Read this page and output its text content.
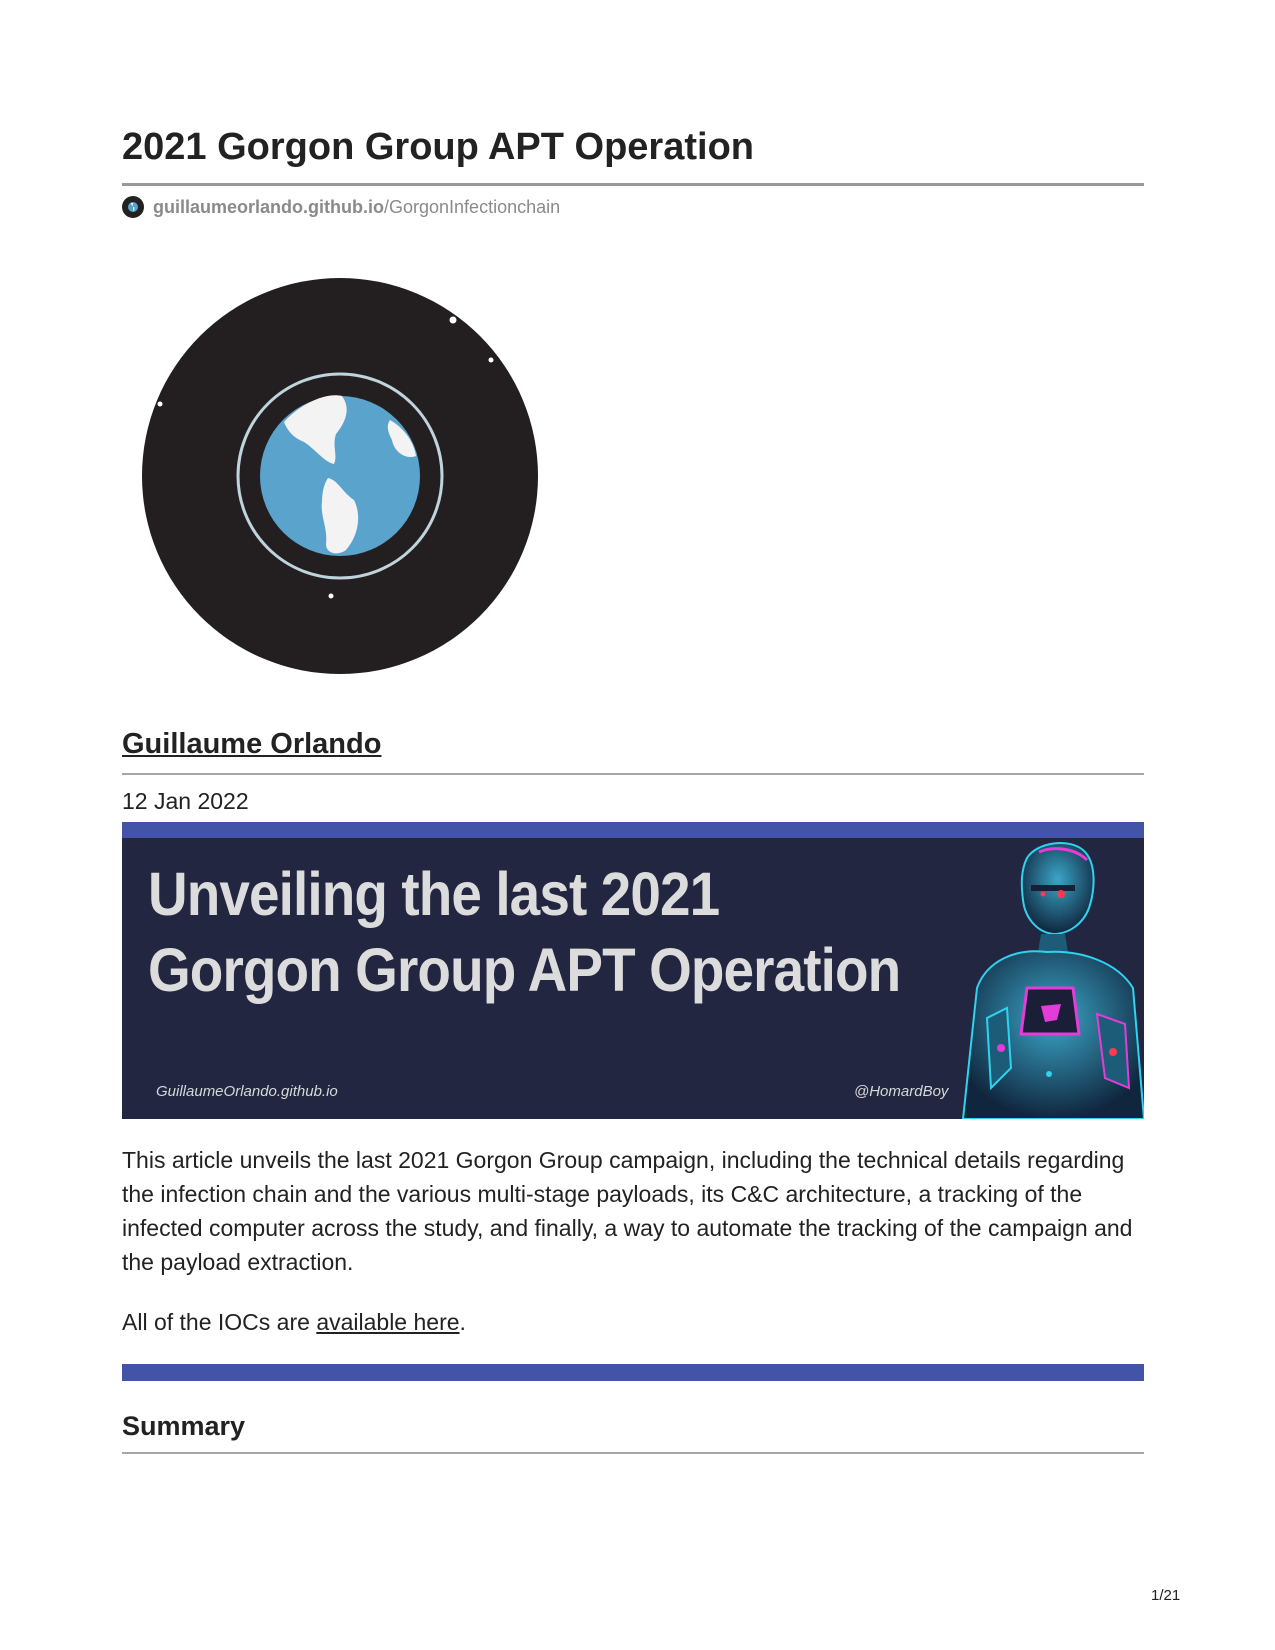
2021 Gorgon Group APT Operation
guillaumeorlando.github.io /GorgonInfectionchain
Guillaume Orlando
12 Jan 2022
Unveiling the last 2021
Gorgon Group APT Operation
GuillaumeOrlando.github.io	@HomardBoy

This article unveils the last 2021 Gorgon Group campaign, including the technical details regarding the infection chain and the various multi-stage payloads, its C&C architecture, a tracking of the infected computer across the study, and finally, a way to automate the tracking of the campaign and the payload extraction.

All of the IOCs are available here.

Summary
1/21
